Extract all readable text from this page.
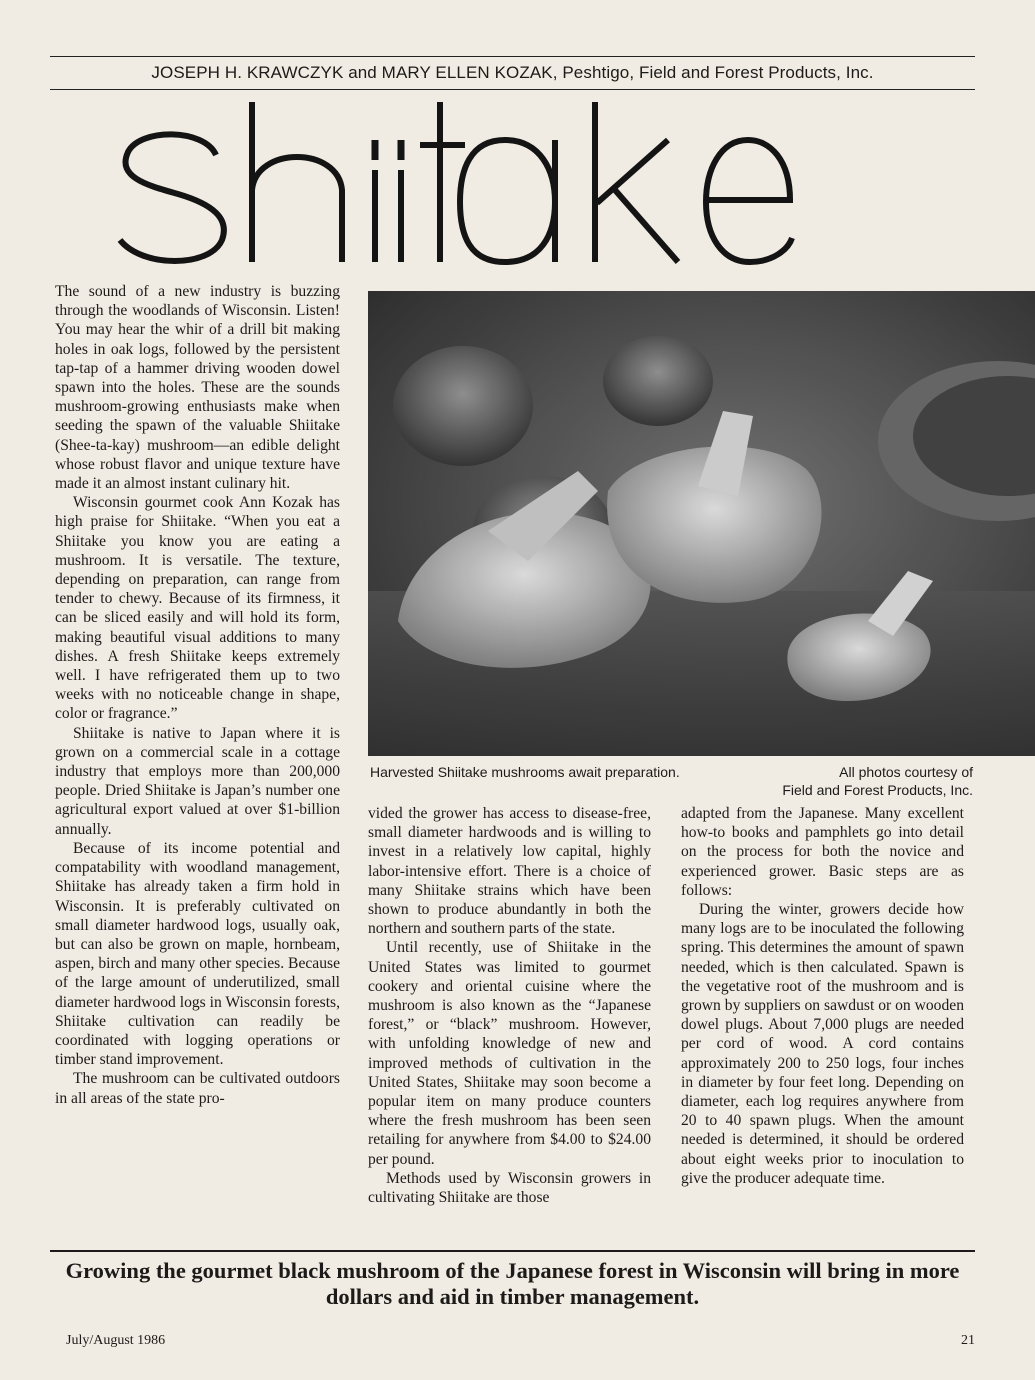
JOSEPH H. KRAWCZYK and MARY ELLEN KOZAK, Peshtigo, Field and Forest Products, Inc.

The sound of a new industry is buzzing through the woodlands of Wisconsin. Listen! You may hear the whir of a drill bit making holes in oak logs, followed by the persistent tap-tap of a hammer driving wooden dowel spawn into the holes. These are the sounds mushroom-growing enthusiasts make when seeding the spawn of the valuable Shiitake (Shee-ta-kay) mushroom—an edible delight whose robust flavor and unique texture have made it an almost instant culinary hit.

Wisconsin gourmet cook Ann Kozak has high praise for Shiitake. “When you eat a Shiitake you know you are eating a mushroom. It is versatile. The texture, depending on preparation, can range from tender to chewy. Because of its firmness, it can be sliced easily and will hold its form, making beautiful visual additions to many dishes. A fresh Shiitake keeps extremely well. I have refrigerated them up to two weeks with no noticeable change in shape, color or fragrance.”

Shiitake is native to Japan where it is grown on a commercial scale in a cottage industry that employs more than 200,000 people. Dried Shiitake is Japan’s number one agricultural export valued at over $1-billion annually.

Because of its income potential and compatability with woodland management, Shiitake has already taken a firm hold in Wisconsin. It is preferably cultivated on small diameter hardwood logs, usually oak, but can also be grown on maple, hornbeam, aspen, birch and many other species. Because of the large amount of underutilized, small diameter hardwood logs in Wisconsin forests, Shiitake cultivation can readily be coordinated with logging operations or timber stand improvement.

The mushroom can be cultivated outdoors in all areas of the state pro-

Harvested Shiitake mushrooms await preparation.	All photos courtesy of
Field and Forest Products, Inc.

vided the grower has access to disease-free, small diameter hardwoods and is willing to invest in a relatively low capital, highly labor-intensive effort. There is a choice of many Shiitake strains which have been shown to produce abundantly in both the northern and southern parts of the state.

Until recently, use of Shiitake in the United States was limited to gourmet cookery and oriental cuisine where the mushroom is also known as the “Japanese forest,” or “black” mushroom. However, with unfolding knowledge of new and improved methods of cultivation in the United States, Shiitake may soon become a popular item on many produce counters where the fresh mushroom has been seen retailing for anywhere from $4.00 to $24.00 per pound.

Methods used by Wisconsin growers in cultivating Shiitake are those

adapted from the Japanese. Many excellent how-to books and pamphlets go into detail on the process for both the novice and experienced grower. Basic steps are as follows:

During the winter, growers decide how many logs are to be inoculated the following spring. This determines the amount of spawn needed, which is then calculated. Spawn is the vegetative root of the mushroom and is grown by suppliers on sawdust or on wooden dowel plugs. About 7,000 plugs are needed per cord of wood. A cord contains approximately 200 to 250 logs, four inches in diameter by four feet long. Depending on diameter, each log requires anywhere from 20 to 40 spawn plugs. When the amount needed is determined, it should be ordered about eight weeks prior to inoculation to give the producer adequate time.

Growing the gourmet black mushroom of the Japanese forest in Wisconsin will bring in more dollars and aid in timber management.
July/August 1986	21
